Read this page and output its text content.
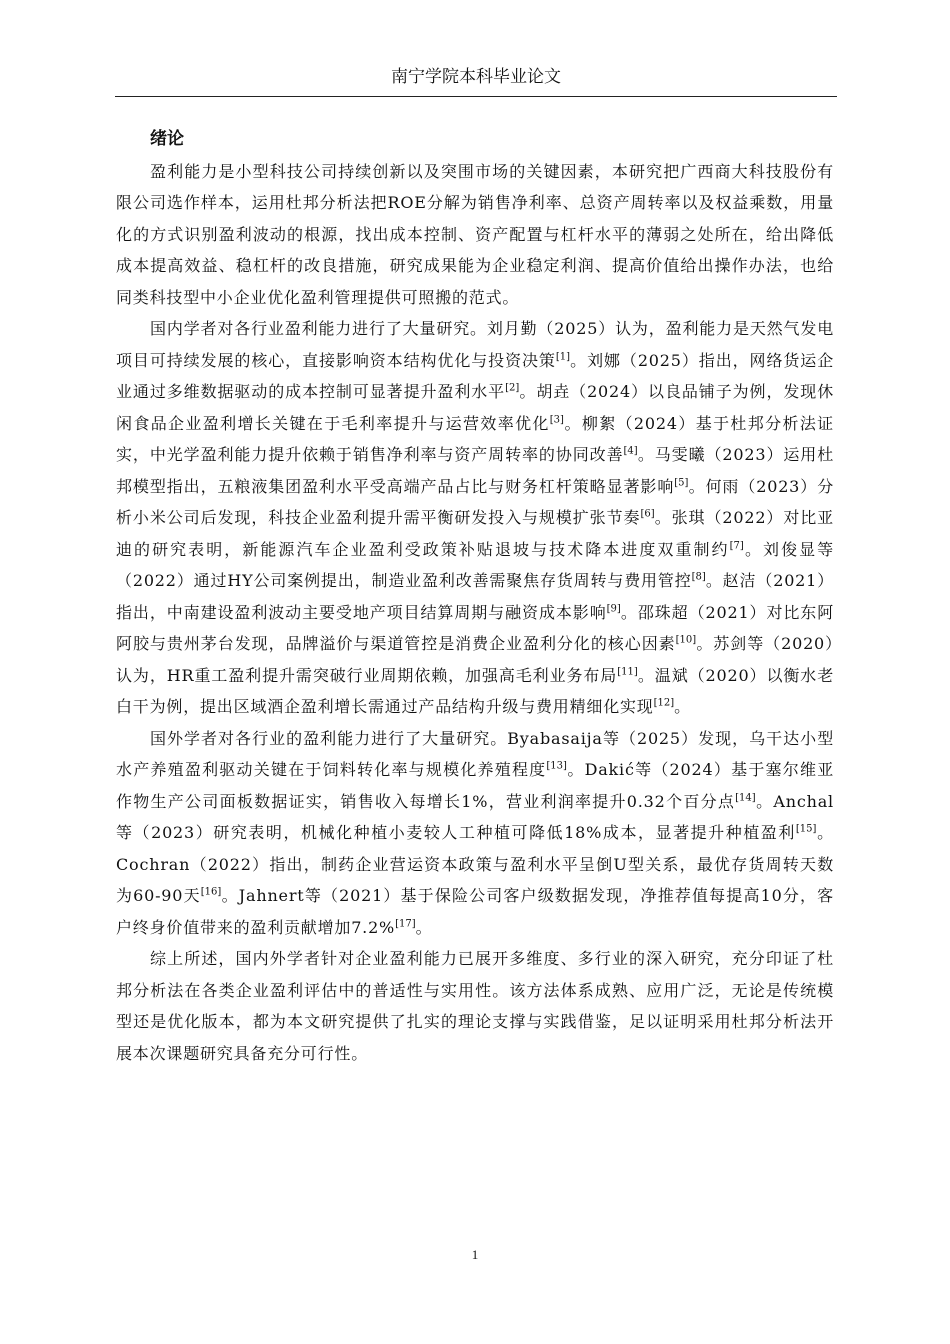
南宁学院本科毕业论文

绪论

盈利能力是小型科技公司持续创新以及突围市场的关键因素，本研究把广西商大科技股份有限公司选作样本，运用杜邦分析法把ROE分解为销售净利率、总资产周转率以及权益乘数，用量化的方式识别盈利波动的根源，找出成本控制、资产配置与杠杆水平的薄弱之处所在，给出降低成本提高效益、稳杠杆的改良措施，研究成果能为企业稳定利润、提高价值给出操作办法，也给同类科技型中小企业优化盈利管理提供可照搬的范式。

国内学者对各行业盈利能力进行了大量研究。刘月勤（2025）认为，盈利能力是天然气发电项目可持续发展的核心，直接影响资本结构优化与投资决策[1]。刘娜（2025）指出，网络货运企业通过多维数据驱动的成本控制可显著提升盈利水平[2]。胡垚（2024）以良品铺子为例，发现休闲食品企业盈利增长关键在于毛利率提升与运营效率优化[3]。柳絮（2024）基于杜邦分析法证实，中光学盈利能力提升依赖于销售净利率与资产周转率的协同改善[4]。马雯曦（2023）运用杜邦模型指出，五粮液集团盈利水平受高端产品占比与财务杠杆策略显著影响[5]。何雨（2023）分析小米公司后发现，科技企业盈利提升需平衡研发投入与规模扩张节奏[6]。张琪（2022）对比亚迪的研究表明，新能源汽车企业盈利受政策补贴退坡与技术降本进度双重制约[7]。刘俊显等（2022）通过HY公司案例提出，制造业盈利改善需聚焦存货周转与费用管控[8]。赵洁（2021）指出，中南建设盈利波动主要受地产项目结算周期与融资成本影响[9]。邵珠超（2021）对比东阿阿胶与贵州茅台发现，品牌溢价与渠道管控是消费企业盈利分化的核心因素[10]。苏剑等（2020）认为，HR重工盈利提升需突破行业周期依赖，加强高毛利业务布局[11]。温斌（2020）以衡水老白干为例，提出区域酒企盈利增长需通过产品结构升级与费用精细化实现[12]。

国外学者对各行业的盈利能力进行了大量研究。Byabasaija等（2025）发现，乌干达小型水产养殖盈利驱动关键在于饲料转化率与规模化养殖程度[13]。Dakić等（2024）基于塞尔维亚作物生产公司面板数据证实，销售收入每增长1%，营业利润率提升0.32个百分点[14]。Anchal等（2023）研究表明，机械化种植小麦较人工种植可降低18%成本，显著提升种植盈利[15]。Cochran（2022）指出，制药企业营运资本政策与盈利水平呈倒U型关系，最优存货周转天数为60-90天[16]。Jahnert等（2021）基于保险公司客户级数据发现，净推荐值每提高10分，客户终身价值带来的盈利贡献增加7.2%[17]。

综上所述，国内外学者针对企业盈利能力已展开多维度、多行业的深入研究，充分印证了杜邦分析法在各类企业盈利评估中的普适性与实用性。该方法体系成熟、应用广泛，无论是传统模型还是优化版本，都为本文研究提供了扎实的理论支撑与实践借鉴，足以证明采用杜邦分析法开展本次课题研究具备充分可行性。

1
